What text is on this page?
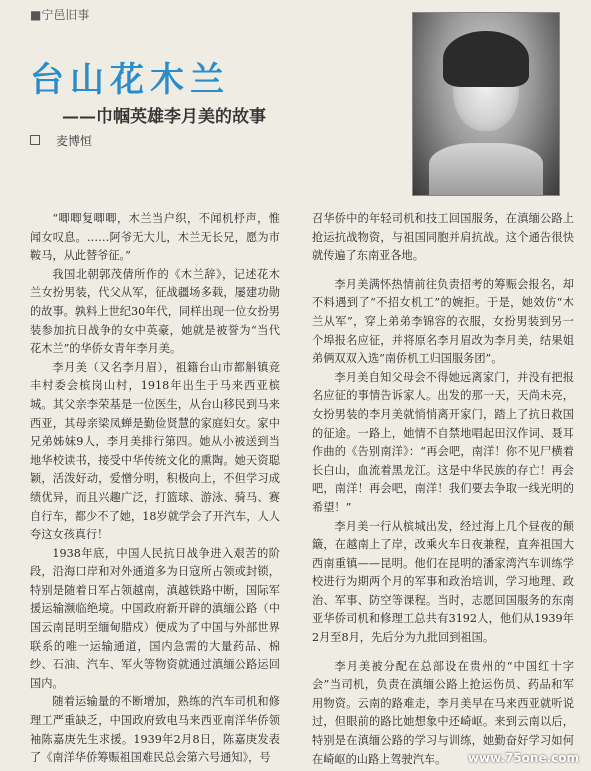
■宁邑旧事
台山花木兰
——巾帼英雄李月美的故事
麦博恒

“唧唧复唧唧，木兰当户织，不闻机杼声，惟闻女叹息。……阿爷无大儿，木兰无长兄，愿为市鞍马，从此替爷征。”

我国北朝郭茂倩所作的《木兰辞》，记述花木兰女扮男装，代父从军，征战疆场多载，屡建功勋的故事。孰料上世纪30年代，同样出现一位女扮男装参加抗日战争的女中英豪，她就是被誉为“当代花木兰”的华侨女青年李月美。

李月美（又名李月眉），祖籍台山市都斛镇竞丰村委会槟岗山村，1918年出生于马来西亚槟城。其父亲李荣基是一位医生，从台山移民到马来西亚，其母亲梁凤蝉是勤俭贤慧的家庭妇女。家中兄弟姊妹9人，李月美排行第四。她从小被送到当地华校读书，接受中华传统文化的熏陶。她天资聪颖，活泼好动，爱憎分明，积极向上，不但学习成绩优异，而且兴趣广泛，打篮球、游泳、骑马、赛自行车，都少不了她，18岁就学会了开汽车，人人夸这女孩真行！

1938年底，中国人民抗日战争进入艰苦的阶段，沿海口岸和对外通道多为日寇所占领或封锁，特别是随着日军占领越南，滇越铁路中断，国际军援运输濒临绝境。中国政府新开辟的滇缅公路（中国云南昆明至缅甸腊戍）便成为了中国与外部世界联系的唯一运输通道，国内急需的大量药品、棉纱、石油、汽车、军火等物资就通过滇缅公路运回国内。

随着运输量的不断增加，熟练的汽车司机和修理工严重缺乏，中国政府致电马来西亚南洋华侨领袖陈嘉庚先生求援。1939年2月8日，陈嘉庚发表了《南洋华侨筹赈祖国难民总会第六号通知》，号

召华侨中的年轻司机和技工回国服务，在滇缅公路上抢运抗战物资，与祖国同胞并肩抗战。这个通告很快就传遍了东南亚各地。

李月美满怀热情前往负责招考的筹赈会报名，却不料遇到了“不招女机工”的婉拒。于是，她效仿“木兰从军”，穿上弟弟李锦容的衣服，女扮男装到另一个埠报名应征，并将原名李月眉改为李月美，结果姐弟俩双双入选“南侨机工归国服务团”。

李月美自知父母会不得她远离家门，并没有把报名应征的事情告诉家人。出发的那一天，天尚未亮，女扮男装的李月美就悄悄离开家门，踏上了抗日救国的征途。一路上，她情不自禁地唱起田汉作词、聂耳作曲的《告别南洋》：“再会吧，南洋！你不见尸横着长白山，血流着黑龙江。这是中华民族的存亡！再会吧，南洋！再会吧，南洋！我们要去争取一线光明的希望！”

李月美一行从槟城出发，经过海上几个昼夜的颠簸，在越南上了岸，改乘火车日夜兼程，直奔祖国大西南重镇——昆明。他们在昆明的潘家湾汽车训练学校进行为期两个月的军事和政治培训，学习地理、政治、军事、防空等课程。当时，志愿回国服务的东南亚华侨司机和修理工总共有3192人，他们从1939年2月至8月，先后分为九批回到祖国。

李月美被分配在总部设在贵州的“中国红十字会”当司机，负责在滇缅公路上抢运伤员、药品和军用物资。云南的路难走，李月美早在马来西亚就听说过，但眼前的路比她想象中还崎岖。来到云南以后，特别是在滇缅公路的学习与训练，她勤奋好学习如何在崎岖的山路上驾驶汽车。	www.75one.com
